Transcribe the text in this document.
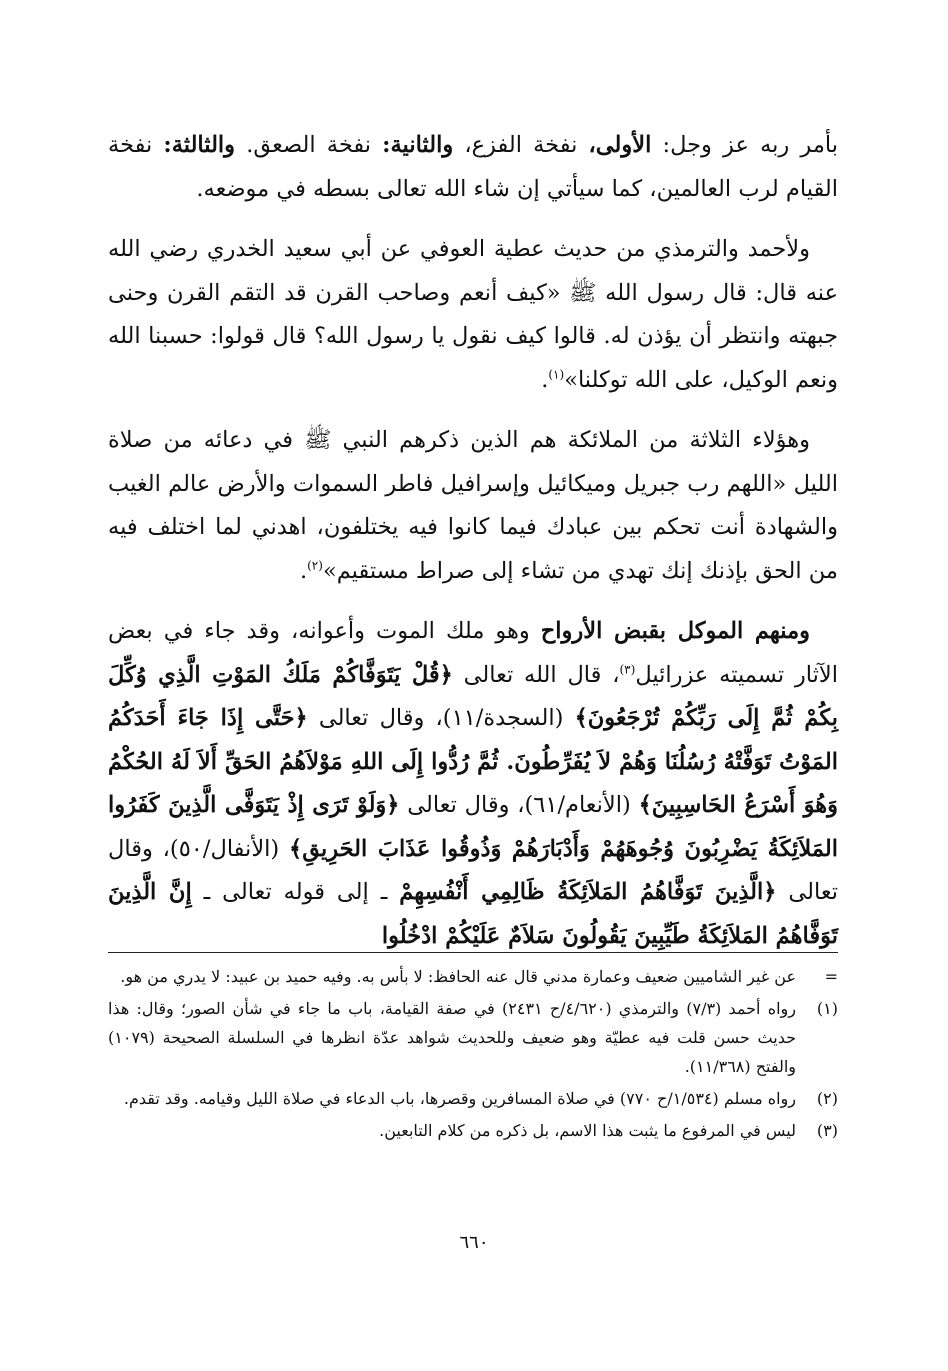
بأمر ربه عز وجل: الأولى، نفخة الفزع، والثانية: نفخة الصعق. والثالثة: نفخة القيام لرب العالمين، كما سيأتي إن شاء الله تعالى بسطه في موضعه.

ولأحمد والترمذي من حديث عطية العوفي عن أبي سعيد الخدري رضي الله عنه قال: قال رسول الله ﷺ «كيف أنعم وصاحب القرن قد التقم القرن وحنى جبهته وانتظر أن يؤذن له. قالوا كيف نقول يا رسول الله؟ قال قولوا: حسبنا الله ونعم الوكيل، على الله توكلنا»$^{(١)}$.

وهؤلاء الثلاثة من الملائكة هم الذين ذكرهم النبي ﷺ في دعائه من صلاة الليل «اللهم رب جبريل وميكائيل وإسرافيل فاطر السموات والأرض عالم الغيب والشهادة أنت تحكم بين عبادك فيما كانوا فيه يختلفون، اهدني لما اختلف فيه من الحق بإذنك إنك تهدي من تشاء إلى صراط مستقيم»$^{(٢)}$.

ومنهم الموكل بقبض الأرواح وهو ملك الموت وأعوانه، وقد جاء في بعض الآثار تسميته عزرائيل$^{(٣)}$، قال الله تعالى ﴿قُلْ يَتَوَفَّاكُمْ مَلَكُ المَوْتِ الَّذِي وُكِّلَ بِكُمْ ثُمَّ إِلَى رَبِّكُمْ تُرْجَعُونَ﴾ (السجدة/١١)، وقال تعالى ﴿حَتَّى إِذَا جَاءَ أَحَدَكُمُ المَوْتُ تَوَفَّتْهُ رُسُلُنَا وَهُمْ لاَ يُفَرِّطُونَ. ثُمَّ رُدُّوا إِلَى اللهِ مَوْلاَهُمُ الحَقِّ أَلاَ لَهُ الحُكْمُ وَهُوَ أَسْرَعُ الحَاسِبِينَ﴾ (الأنعام/٦١)، وقال تعالى ﴿وَلَوْ تَرَى إِذْ يَتَوَفَّى الَّذِينَ كَفَرُوا المَلاَئِكَةُ يَضْرِبُونَ وُجُوهَهُمْ وَأَدْبَارَهُمْ وَذُوقُوا عَذَابَ الحَرِيقِ﴾ (الأنفال/٥٠)، وقال تعالى ﴿الَّذِينَ تَوَفَّاهُمُ المَلاَئِكَةُ ظَالِمِي أَنْفُسِهِمْ ـ إلى قوله تعالى ـ إِنَّ الَّذِينَ تَوَفَّاهُمُ المَلاَئِكَةُ طَيِّبِينَ يَقُولُونَ سَلاَمٌ عَلَيْكُمْ ادْخُلُوا

=
عن غير الشاميين ضعيف وعمارة مدني قال عنه الحافظ: لا بأس به. وفيه حميد بن عبيد: لا يدري من هو.
(١)
رواه أحمد (٧/٣) والترمذي (٤/٦٢٠/ح ٢٤٣١) في صفة القيامة، باب ما جاء في شأن الصور؛ وقال: هذا حديث حسن قلت فيه عطيّة وهو ضعيف وللحديث شواهد عدّة انظرها في السلسلة الصحيحة (١٠٧٩) والفتح (١١/٣٦٨).
(٢)
رواه مسلم (١/٥٣٤/ح ٧٧٠) في صلاة المسافرين وقصرها، باب الدعاء في صلاة الليل وقيامه. وقد تقدم.
(٣)
ليس في المرفوع ما يثبت هذا الاسم، بل ذكره من كلام التابعين.
٦٦٠
